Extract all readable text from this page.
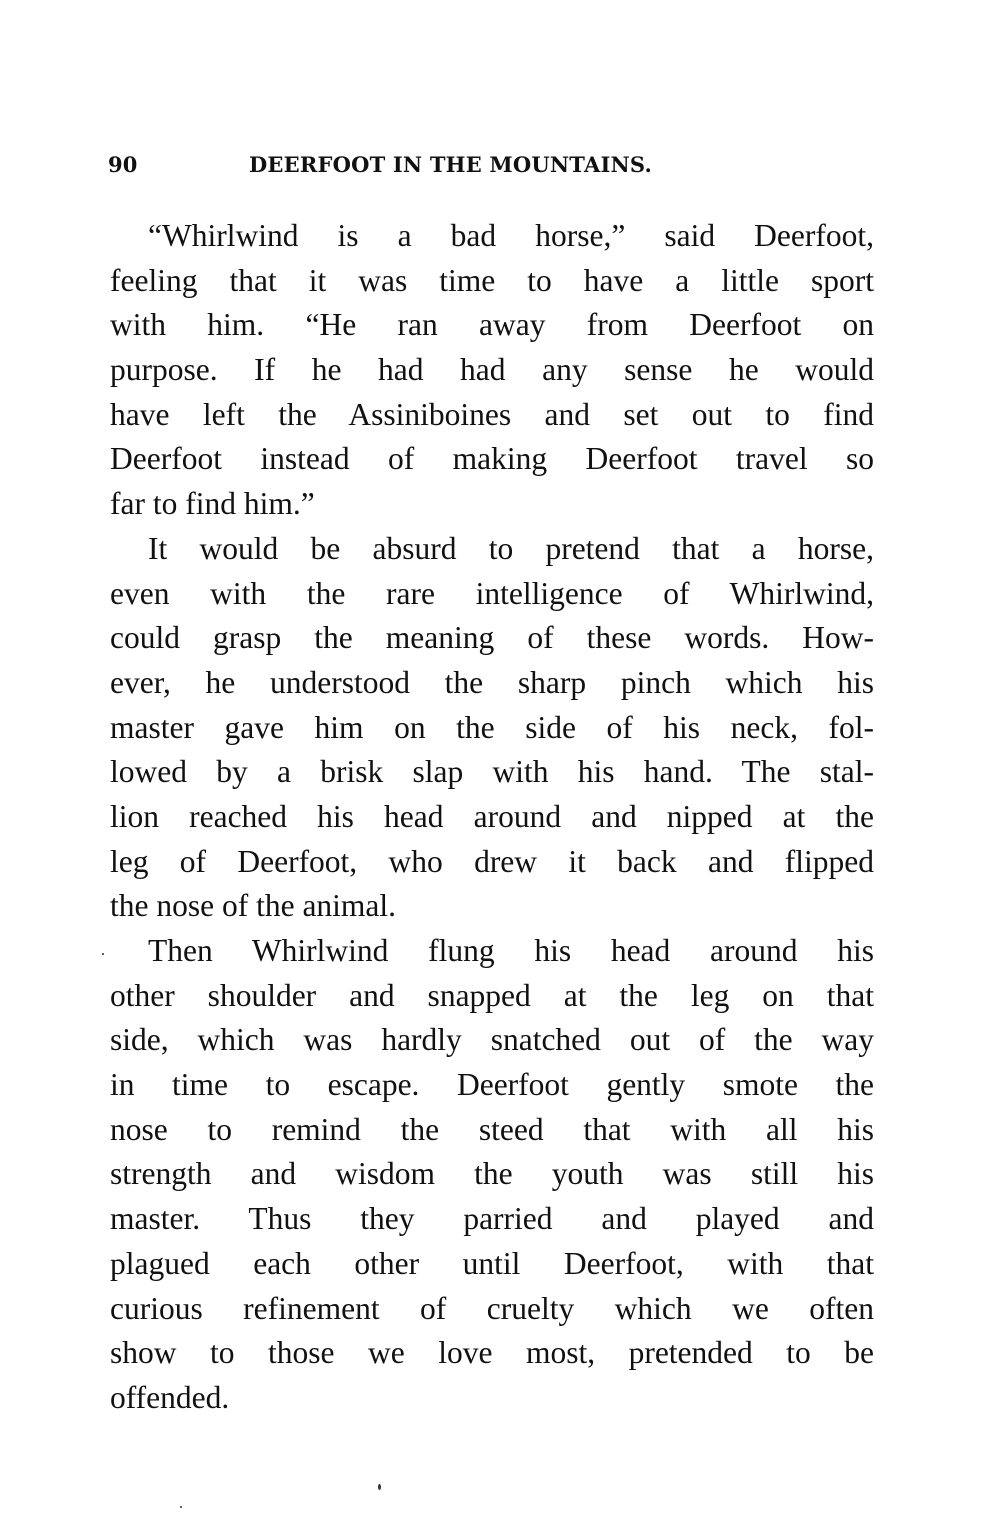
90	DEERFOOT IN THE MOUNTAINS.
“Whirlwind is a bad horse,” said Deerfoot,
feeling that it was time to have a little sport
with him. “He ran away from Deerfoot on
purpose. If he had had any sense he would
have left the Assiniboines and set out to find
Deerfoot instead of making Deerfoot travel so
far to find him.”
It would be absurd to pretend that a horse,
even with the rare intelligence of Whirlwind,
could grasp the meaning of these words. How-
ever, he understood the sharp pinch which his
master gave him on the side of his neck, fol-
lowed by a brisk slap with his hand. The stal-
lion reached his head around and nipped at the
leg of Deerfoot, who drew it back and flipped
the nose of the animal.
Then Whirlwind flung his head around his
other shoulder and snapped at the leg on that
side, which was hardly snatched out of the way
in time to escape. Deerfoot gently smote the
nose to remind the steed that with all his
strength and wisdom the youth was still his
master. Thus they parried and played and
plagued each other until Deerfoot, with that
curious refinement of cruelty which we often
show to those we love most, pretended to be
offended.
